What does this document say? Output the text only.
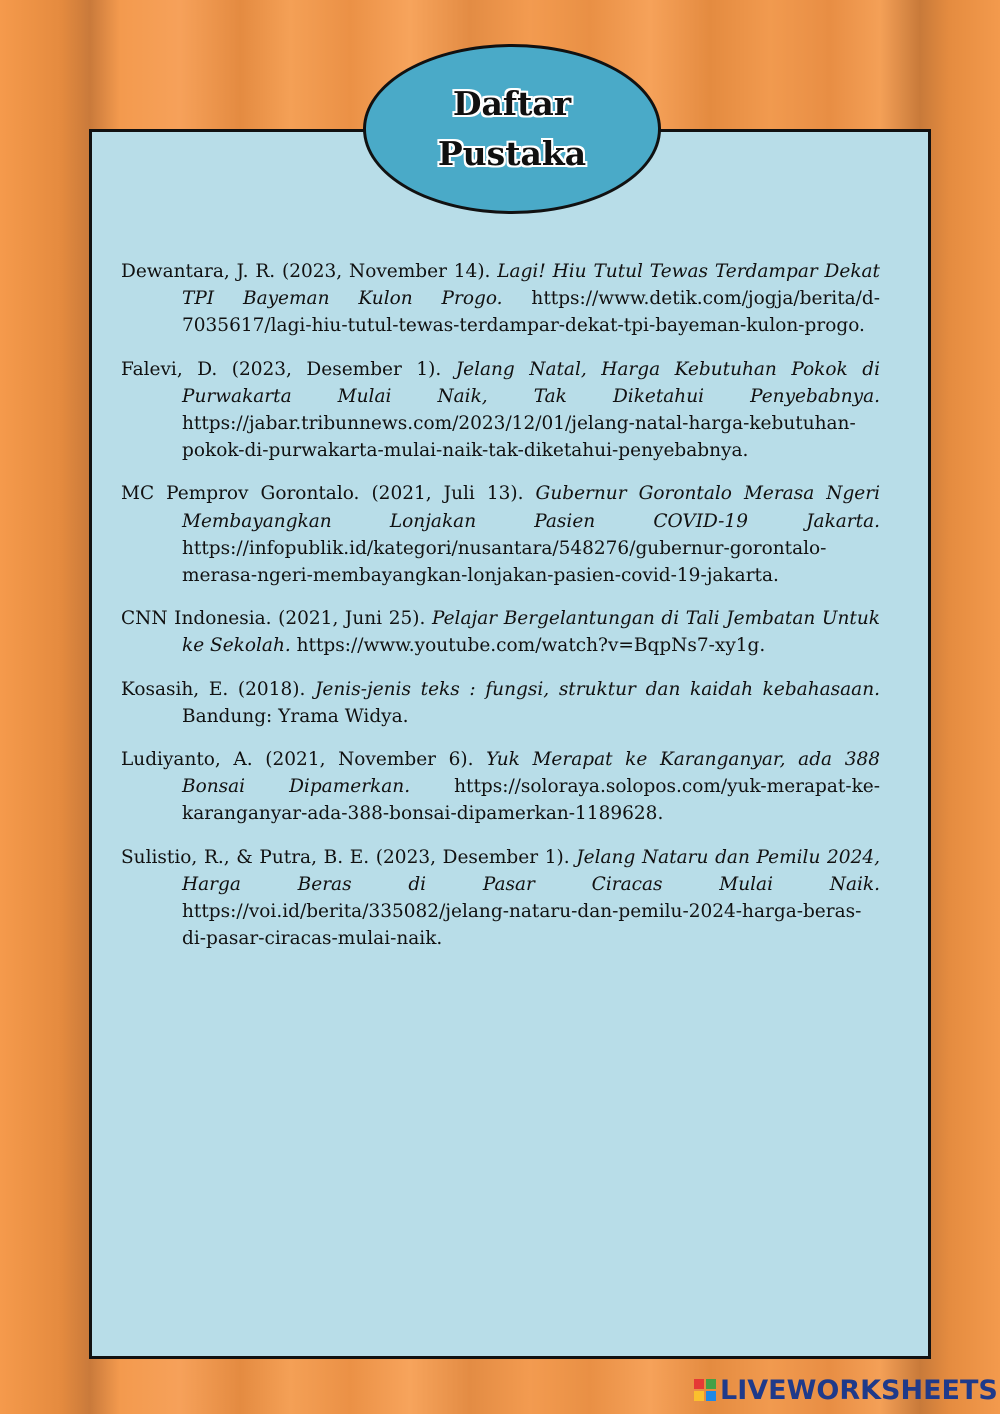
Daftar
Pustaka

Dewantara, J. R. (2023, November 14). Lagi! Hiu Tutul Tewas Terdampar Dekat TPI Bayeman Kulon Progo. https://www.detik.com/jogja/berita/d-7035617/lagi-hiu-tutul-tewas-terdampar-dekat-tpi-bayeman-kulon-progo.

Falevi, D. (2023, Desember 1). Jelang Natal, Harga Kebutuhan Pokok di Purwakarta Mulai Naik, Tak Diketahui Penyebabnya. https://jabar.tribunnews.com/2023/12/01/jelang-natal-harga-kebutuhan-pokok-di-purwakarta-mulai-naik-tak-diketahui-penyebabnya.

MC Pemprov Gorontalo. (2021, Juli 13). Gubernur Gorontalo Merasa Ngeri Membayangkan Lonjakan Pasien COVID-19 Jakarta. https://infopublik.id/kategori/nusantara/548276/gubernur-gorontalo-merasa-ngeri-membayangkan-lonjakan-pasien-covid-19-jakarta.

CNN Indonesia. (2021, Juni 25). Pelajar Bergelantungan di Tali Jembatan Untuk ke Sekolah. https://www.youtube.com/watch?v=BqpNs7-xy1g.

Kosasih, E. (2018). Jenis-jenis teks : fungsi, struktur dan kaidah kebahasaan. Bandung: Yrama Widya.

Ludiyanto, A. (2021, November 6). Yuk Merapat ke Karanganyar, ada 388 Bonsai Dipamerkan. https://soloraya.solopos.com/yuk-merapat-ke-karanganyar-ada-388-bonsai-dipamerkan-1189628.

Sulistio, R., & Putra, B. E. (2023, Desember 1). Jelang Nataru dan Pemilu 2024, Harga Beras di Pasar Ciracas Mulai Naik. https://voi.id/berita/335082/jelang-nataru-dan-pemilu-2024-harga-beras-di-pasar-ciracas-mulai-naik.

LIVEWORKSHEETS
